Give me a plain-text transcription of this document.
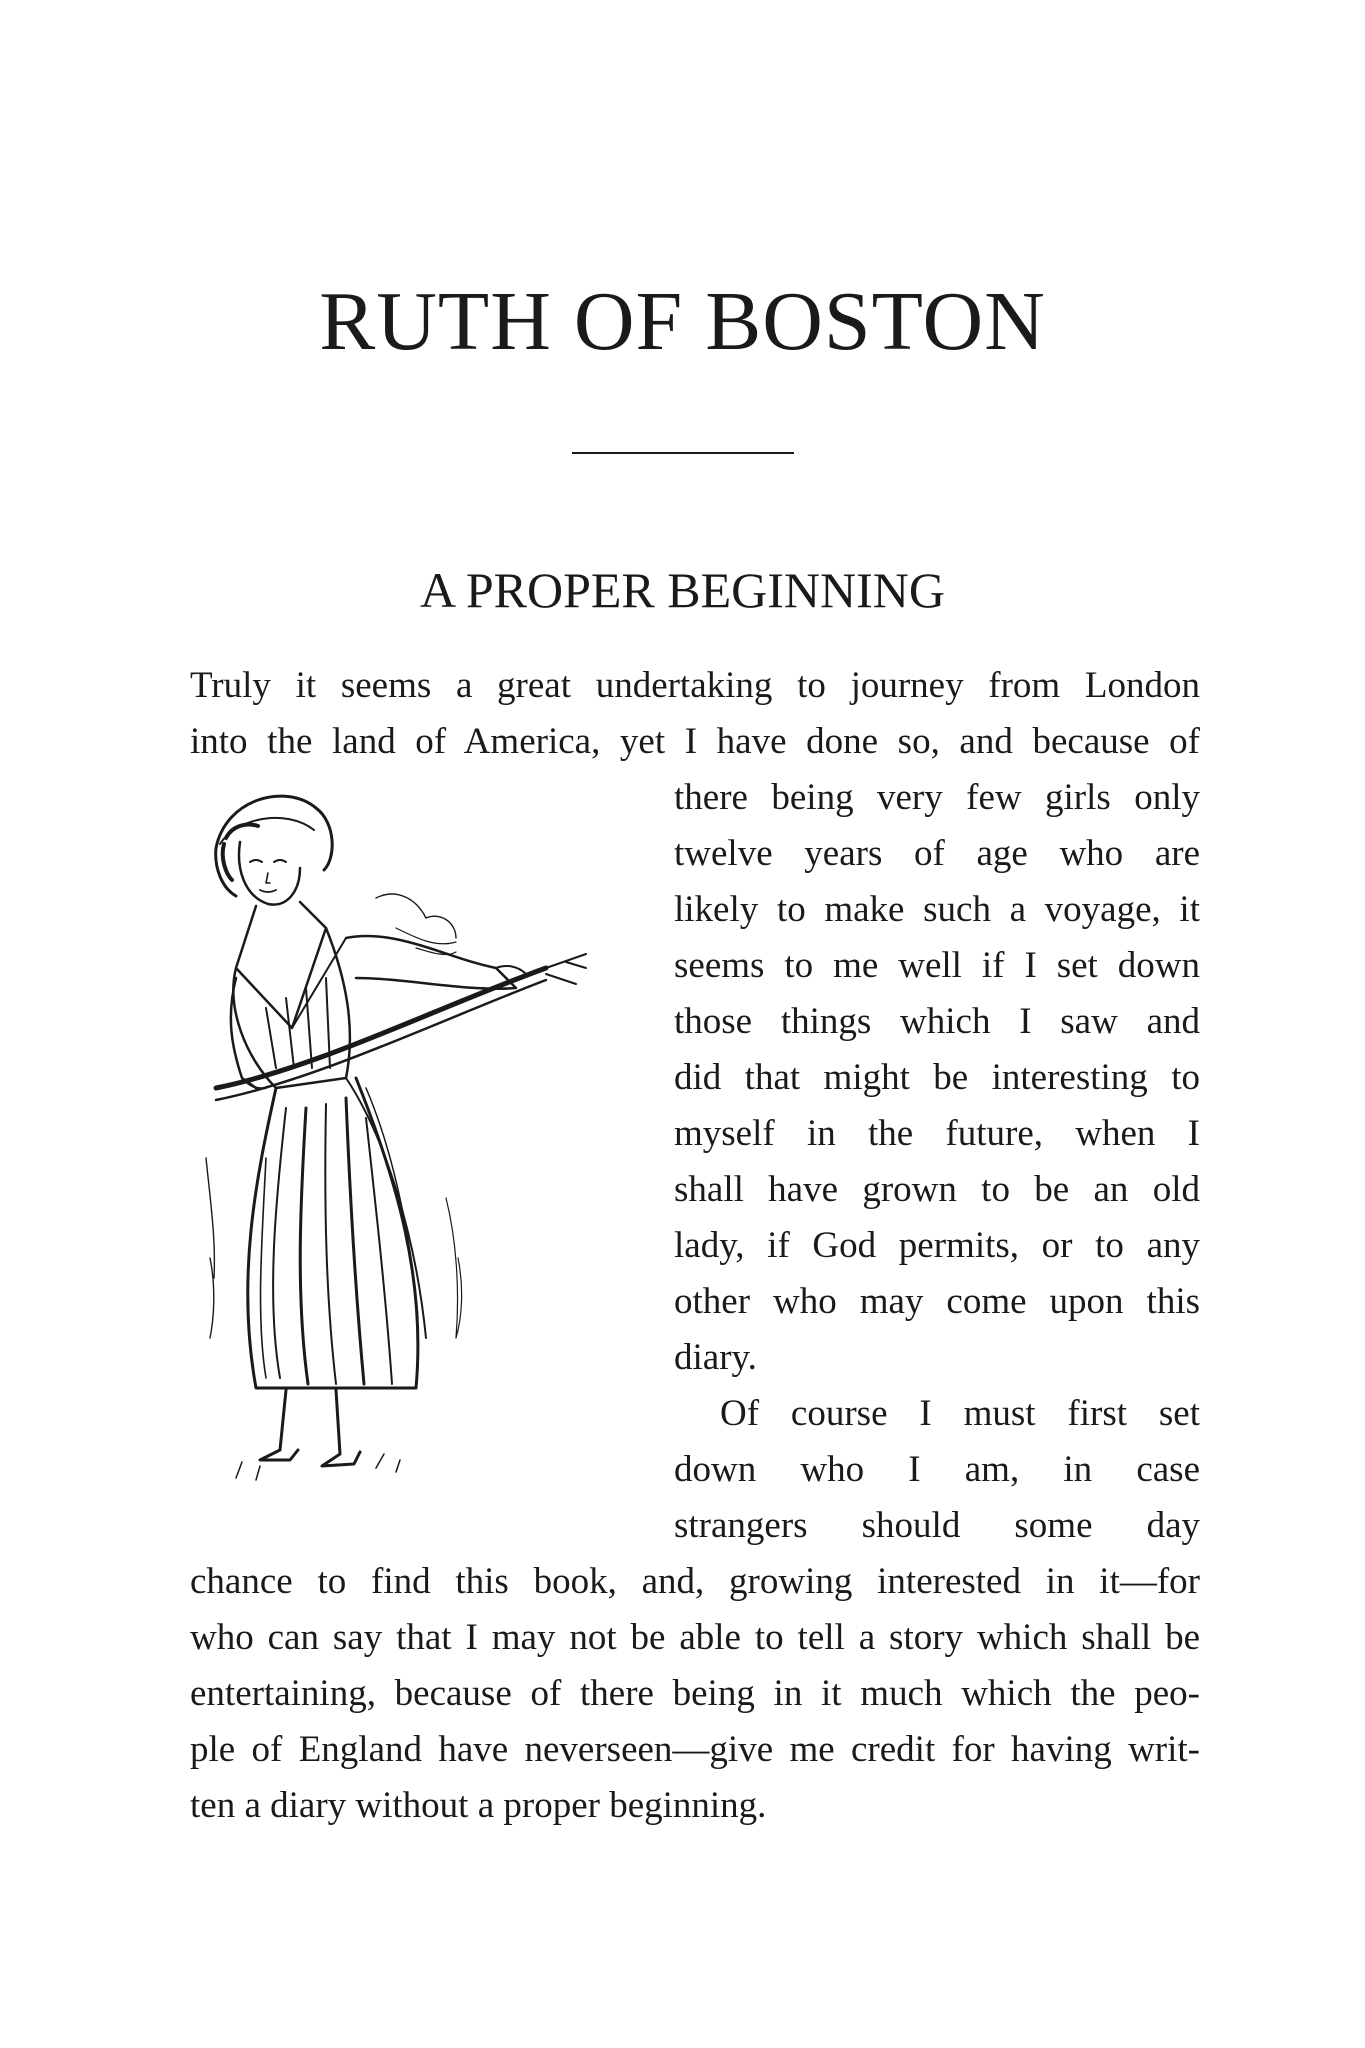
RUTH OF BOSTON
A PROPER BEGINNING
Truly it seems a great undertaking to journey from London
into the land of America, yet I have done so, and because of
there being very few girls only
twelve years of age who are
likely to make such a voyage, it
seems to me well if I set down
those things which I saw and
did that might be interesting to
myself in the future, when I
shall have grown to be an old
lady, if God permits, or to any
other who may come upon this
diary.
Of course I must first set
down who I am, in case
strangers should some day
chance to find this book, and, growing interested in it—for
who can say that I may not be able to tell a story which shall be
entertaining, because of there being in it much which the peo-
ple of England have neverseen—give me credit for having writ-
ten a diary without a proper beginning.
